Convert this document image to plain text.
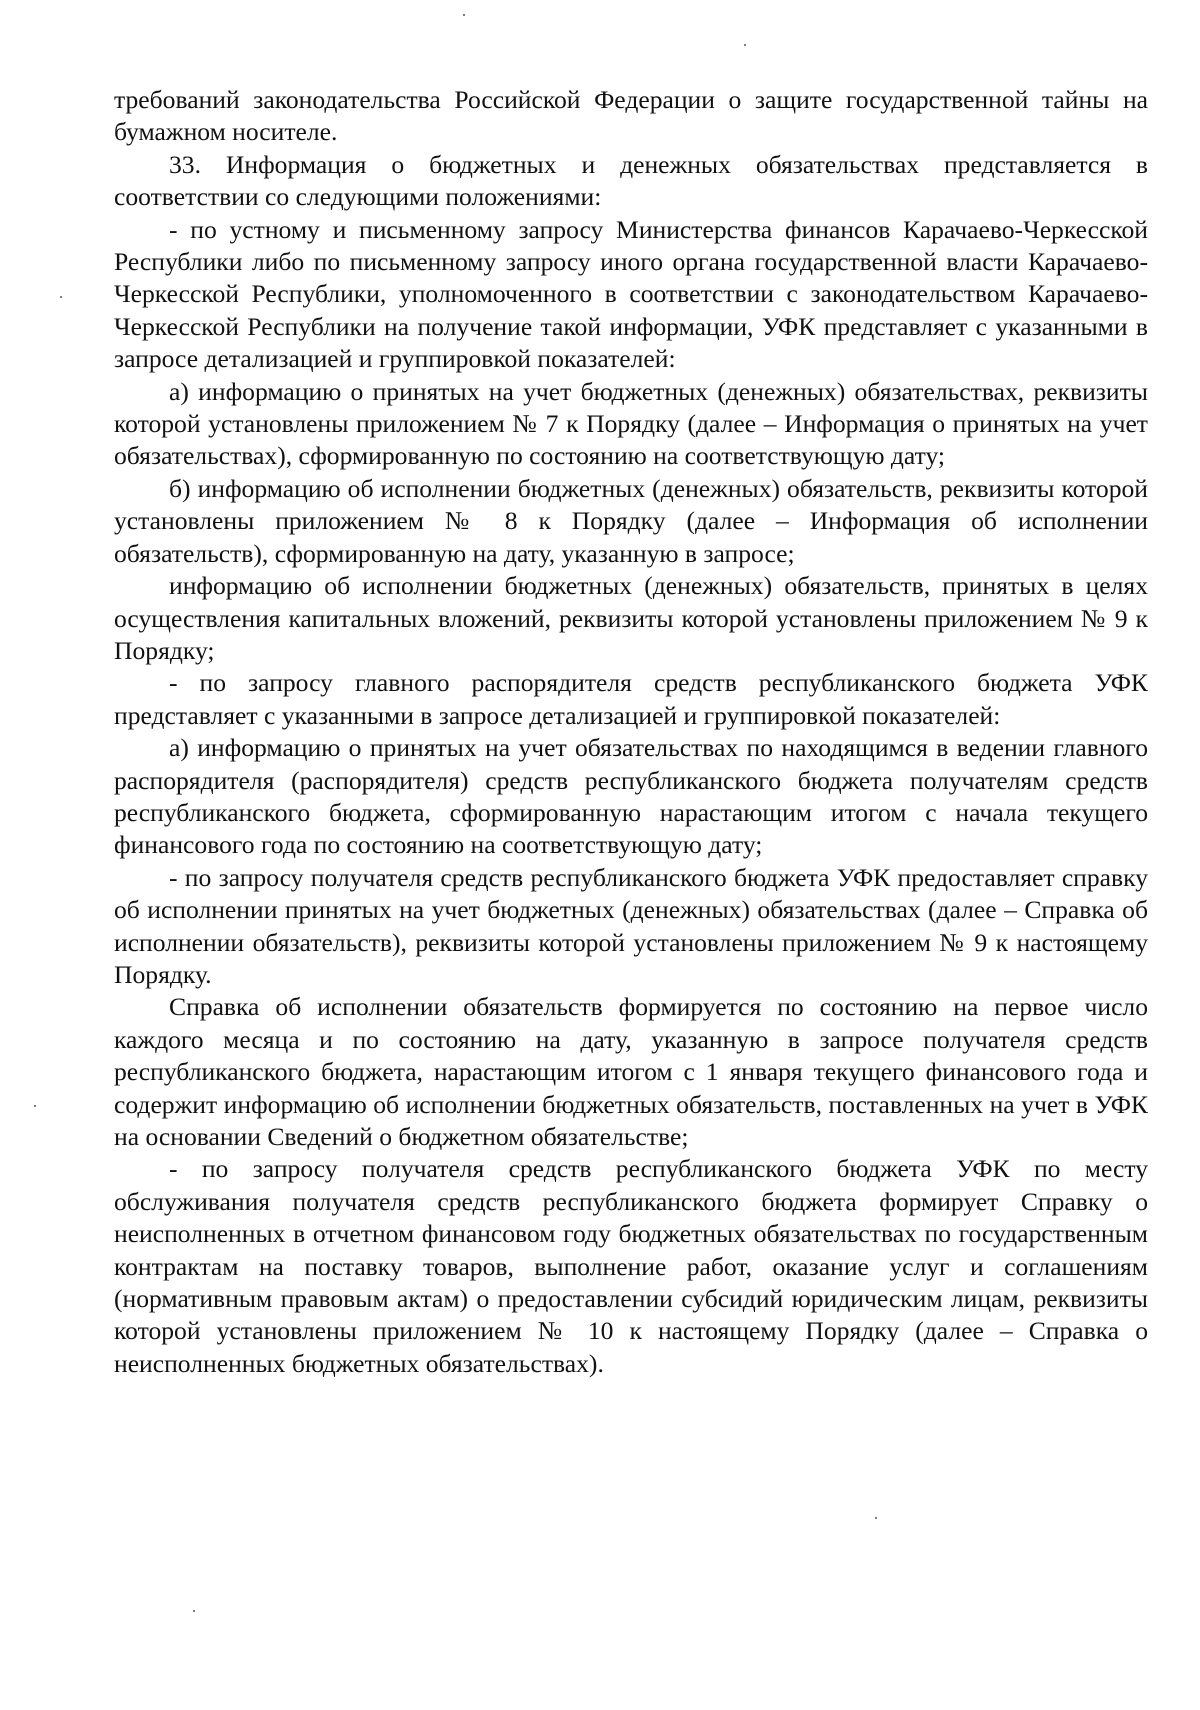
требований законодательства Российской Федерации о защите государственной тайны на бумажном носителе.

33. Информация о бюджетных и денежных обязательствах представляется в соответствии со следующими положениями:

- по устному и письменному запросу Министерства финансов Карачаево-Черкесской Республики либо по письменному запросу иного органа государственной власти Карачаево-Черкесской Республики, уполномоченного в соответствии с законодательством Карачаево-Черкесской Республики на получение такой информации, УФК представляет с указанными в запросе детализацией и группировкой показателей:

а) информацию о принятых на учет бюджетных (денежных) обязательствах, реквизиты которой установлены приложением № 7 к Порядку (далее – Информация о принятых на учет обязательствах), сформированную по состоянию на соответствующую дату;

б) информацию об исполнении бюджетных (денежных) обязательств, реквизиты которой установлены приложением № 8 к Порядку (далее – Информация об исполнении обязательств), сформированную на дату, указанную в запросе;

информацию об исполнении бюджетных (денежных) обязательств, принятых в целях осуществления капитальных вложений, реквизиты которой установлены приложением № 9 к Порядку;

- по запросу главного распорядителя средств республиканского бюджета УФК представляет с указанными в запросе детализацией и группировкой показателей:

а) информацию о принятых на учет обязательствах по находящимся в ведении главного распорядителя (распорядителя) средств республиканского бюджета получателям средств республиканского бюджета, сформированную нарастающим итогом с начала текущего финансового года по состоянию на соответствующую дату;

- по запросу получателя средств республиканского бюджета УФК предоставляет справку об исполнении принятых на учет бюджетных (денежных) обязательствах (далее – Справка об исполнении обязательств), реквизиты которой установлены приложением № 9 к настоящему Порядку.

Справка об исполнении обязательств формируется по состоянию на первое число каждого месяца и по состоянию на дату, указанную в запросе получателя средств республиканского бюджета, нарастающим итогом с 1 января текущего финансового года и содержит информацию об исполнении бюджетных обязательств, поставленных на учет в УФК на основании Сведений о бюджетном обязательстве;

- по запросу получателя средств республиканского бюджета УФК по месту обслуживания получателя средств республиканского бюджета формирует Справку о неисполненных в отчетном финансовом году бюджетных обязательствах по государственным контрактам на поставку товаров, выполнение работ, оказание услуг и соглашениям (нормативным правовым актам) о предоставлении субсидий юридическим лицам, реквизиты которой установлены приложением № 10 к настоящему Порядку (далее – Справка о неисполненных бюджетных обязательствах).
